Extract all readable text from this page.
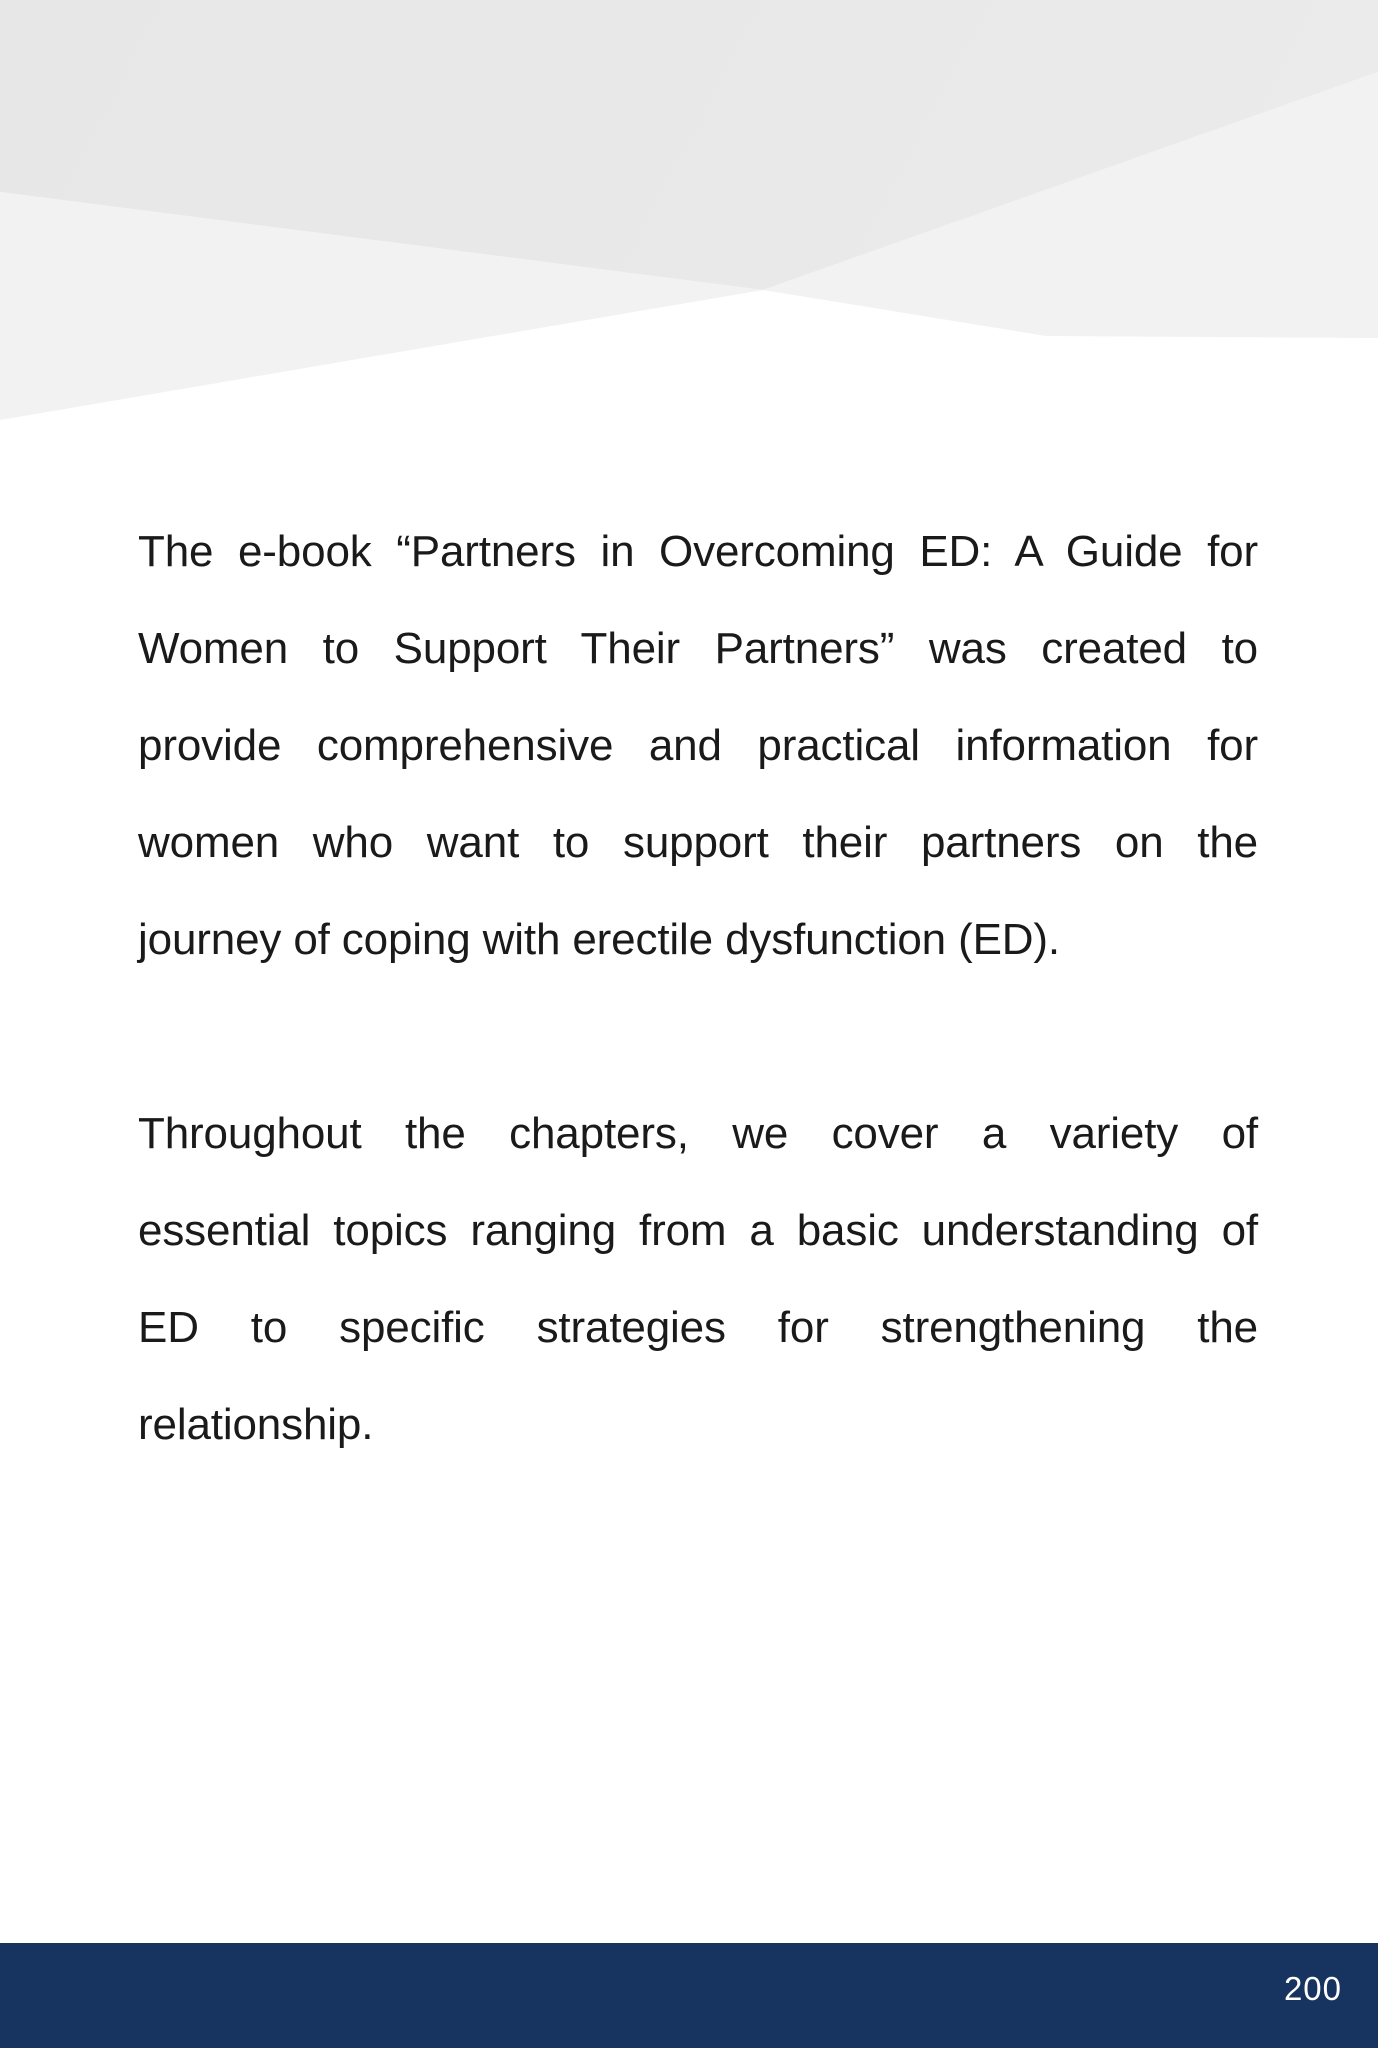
The e-book “Partners in Overcoming ED: A Guide for
Women to Support Their Partners” was created to
provide comprehensive and practical information for
women who want to support their partners on the
journey of coping with erectile dysfunction (ED).
Throughout the chapters, we cover a variety of
essential topics ranging from a basic understanding of
ED to specific strategies for strengthening the
relationship.
200
